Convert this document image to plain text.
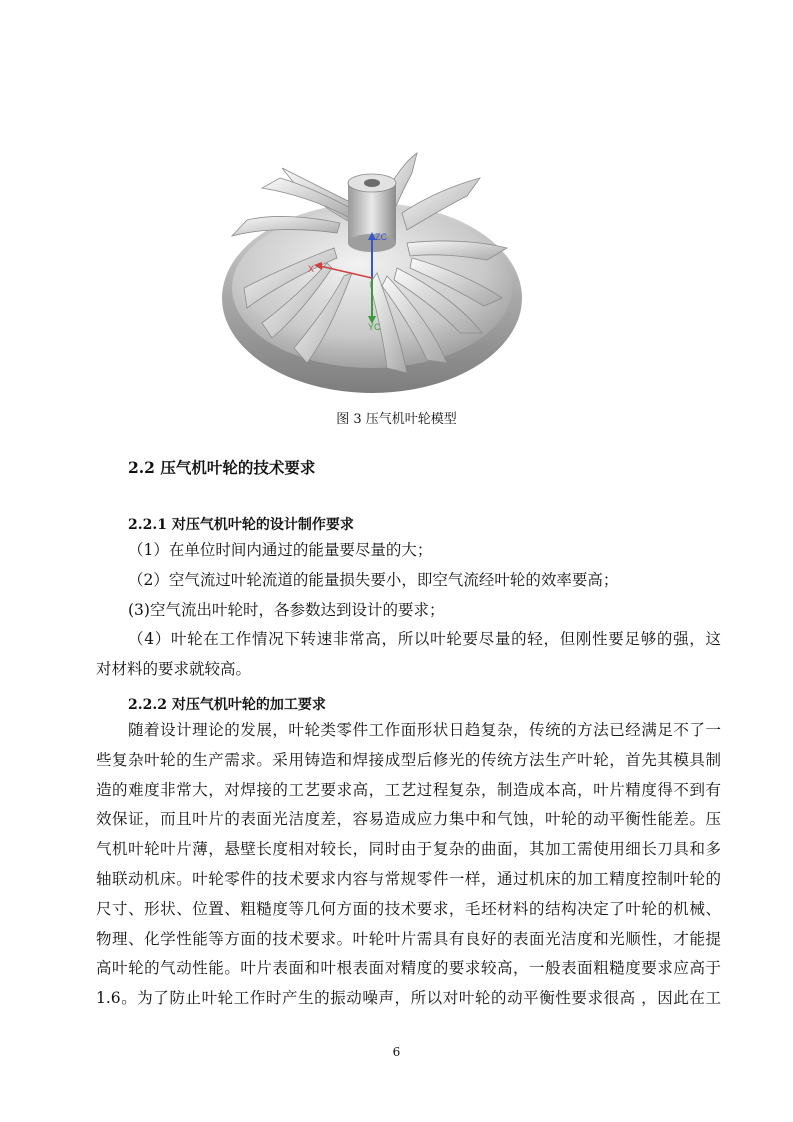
ZC
YC
X
图 3 压气机叶轮模型
2.2 压气机叶轮的技术要求
2.2.1 对压气机叶轮的设计制作要求
（1）在单位时间内通过的能量要尽量的大；
（2）空气流过叶轮流道的能量损失要小，即空气流经叶轮的效率要高；
(3)空气流出叶轮时，各参数达到设计的要求；
（4）叶轮在工作情况下转速非常高，所以叶轮要尽量的轻，但刚性要足够的强，这
对材料的要求就较高。
2.2.2 对压气机叶轮的加工要求
随着设计理论的发展，叶轮类零件工作面形状日趋复杂，传统的方法已经满足不了一
些复杂叶轮的生产需求。采用铸造和焊接成型后修光的传统方法生产叶轮，首先其模具制
造的难度非常大，对焊接的工艺要求高，工艺过程复杂，制造成本高，叶片精度得不到有
效保证，而且叶片的表面光洁度差，容易造成应力集中和气蚀，叶轮的动平衡性能差。压
气机叶轮叶片薄，悬壁长度相对较长，同时由于复杂的曲面，其加工需使用细长刀具和多
轴联动机床。叶轮零件的技术要求内容与常规零件一样，通过机床的加工精度控制叶轮的
尺寸、形状、位置、粗糙度等几何方面的技术要求，毛坯材料的结构决定了叶轮的机械、
物理、化学性能等方面的技术要求。叶轮叶片需具有良好的表面光洁度和光顺性，才能提
高叶轮的气动性能。叶片表面和叶根表面对精度的要求较高，一般表面粗糙度要求应高于
1.6。为了防止叶轮工作时产生的振动噪声，所以对叶轮的动平衡性要求很高 ，因此在工
6
